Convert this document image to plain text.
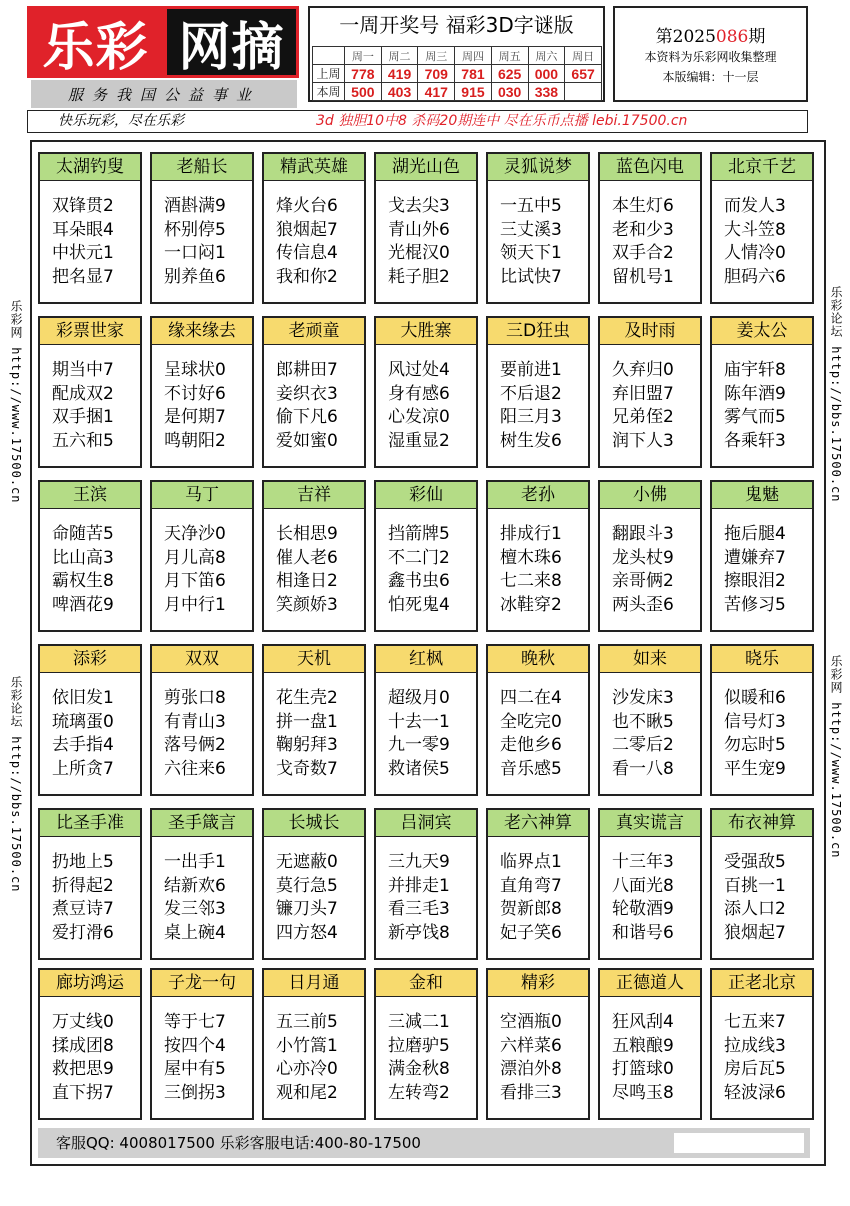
乐彩 网摘
服务我国公益事业
一周开奖号 福彩3D字谜版
	周一	周二	周三	周四	周五	周六	周日
上周	778	419	709	781	625	000	657
本周	500	403	417	915	030	338	
第2025086期
本资料为乐彩网收集整理
本版编辑：十一层
快乐玩彩，尽在乐彩	3d 独胆10中8 杀码20期连中 尽在乐币点播 lebi.17500.cn
乐彩网 http://www.17500.cn
乐彩论坛 http://bbs.17500.cn
乐彩论坛 http://bbs.17500.cn
乐彩网 http://www.17500.cn
太湖钓叟
双锋贯2
耳朵眼4
中状元1
把名显7
老船长
酒斟满9
杯别停5
一口闷1
别养鱼6
精武英雄
烽火台6
狼烟起7
传信息4
我和你2
湖光山色
戈去尖3
青山外6
光棍汉0
耗子胆2
灵狐说梦
一五中5
三丈溪3
领天下1
比试快7
蓝色闪电
本生灯6
老和少3
双手合2
留机号1
北京千艺
而发人3
大斗笠8
人情冷0
胆码六6
彩票世家
期当中7
配成双2
双手捆1
五六和5
缘来缘去
呈球状0
不讨好6
是何期7
鸣朝阳2
老顽童
郎耕田7
妾织衣3
偷下凡6
爱如蜜0
大胜寨
风过处4
身有感6
心发凉0
湿重显2
三D狂虫
要前进1
不后退2
阳三月3
树生发6
及时雨
久弃归0
弃旧盟7
兄弟侄2
润下人3
姜太公
庙宇轩8
陈年酒9
雾气而5
各乘轩3
王滨
命随苦5
比山高3
霸权生8
啤酒花9
马丁
天净沙0
月儿高8
月下笛6
月中行1
吉祥
长相思9
催人老6
相逢日2
笑颜娇3
彩仙
挡箭牌5
不二门2
鑫书虫6
怕死鬼4
老孙
排成行1
檀木珠6
七二来8
冰鞋穿2
小佛
翻跟斗3
龙头杖9
亲哥俩2
两头歪6
鬼魅
拖后腿4
遭嫌弃7
擦眼泪2
苦修习5
添彩
依旧发1
琉璃蛋0
去手指4
上所贪7
双双
剪张口8
有青山3
落号俩2
六往来6
天机
花生壳2
拼一盘1
鞠躬拜3
戈奇数7
红枫
超级月0
十去一1
九一零9
救诸侯5
晚秋
四二在4
全吃完0
走他乡6
音乐感5
如来
沙发床3
也不瞅5
二零后2
看一八8
晓乐
似暖和6
信号灯3
勿忘时5
平生宠9
比圣手准
扔地上5
折得起2
煮豆诗7
爱打滑6
圣手箴言
一出手1
结新欢6
发三邻3
桌上碗4
长城长
无遮蔽0
莫行急5
镰刀头7
四方怒4
吕洞宾
三九天9
并排走1
看三毛3
新亭饯8
老六神算
临界点1
直角弯7
贺新郎8
妃子笑6
真实谎言
十三年3
八面光8
轮敬酒9
和谐号6
布衣神算
受强敌5
百挑一1
添人口2
狼烟起7
廊坊鸿运
万丈线0
揉成团8
救把思9
直下拐7
子龙一句
等于七7
按四个4
屋中有5
三倒拐3
日月通
五三前5
小竹篙1
心亦冷0
观和尾2
金和
三减二1
拉磨驴5
满金秋8
左转弯2
精彩
空酒瓶0
六样菜6
漂泊外8
看排三3
正德道人
狂风刮4
五粮酿9
打篮球0
尽鸣玉8
正老北京
七五来7
拉成线3
房后瓦5
轻波渌6
客服QQ: 4008017500 乐彩客服电话:400-80-17500
